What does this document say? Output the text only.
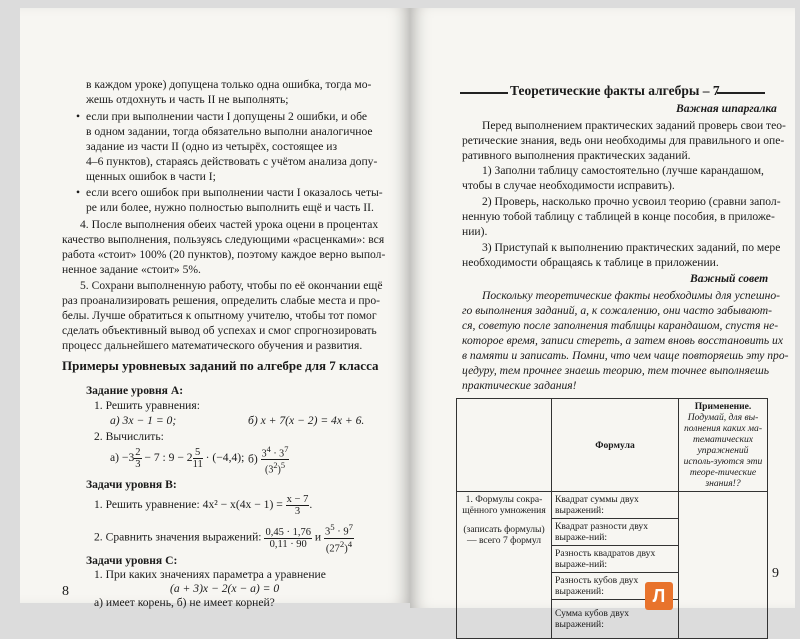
в каждом уроке) допущена только одна ошибка, тогда мо-
жешь отдохнуть и часть II не выполнять;
• если при выполнении части I допущены 2 ошибки, и обе
в одном задании, тогда обязательно выполни аналогичное
задание из части II (одно из четырёх, состоящее из
4–6 пунктов), стараясь действовать с учётом анализа допу-
щенных ошибок в части I;
• если всего ошибок при выполнении части I оказалось четы-
ре или более, нужно полностью выполнить ещё и часть II.
4. После выполнения обеих частей урока оцени в процентах
качество выполнения, пользуясь следующими «расценками»: вся
работа «стоит» 100% (20 пунктов), поэтому каждое верно выпол-
ненное задание «стоит» 5%.
5. Сохрани выполненную работу, чтобы по её окончании ещё
раз проанализировать решения, определить слабые места и про-
белы. Лучше обратиться к опытному учителю, чтобы тот помог
сделать объективный вывод об успехах и смог спрогнозировать
процесс дальнейшего математического обучения и развития.
Примеры уровневых заданий по алгебре для 7 класса
Задание уровня А:
1. Решить уравнения:
а) 3x − 1 = 0;	б) x + 7(x − 2) = 4x + 6.
2. Вычислить:
$а) -3 \frac{2}{3} - 7$ : $9 - 2 \frac{5}{11} \cdot (-4,4)$; $б) \frac{3^4 \cdot 3^7}{(3^2)^5}$
Задачи уровня В:
1. Решить уравнение: $4x^2 - x(4x - 1) = \frac{x - 7}{3}$ .
2. Сравнить значения выражений: $\frac{0,45 \cdot 1,76}{0,11 \cdot 90}$ и $\frac{3^5 \cdot 9^7}{(27^2)^4}$
Задачи уровня С:
1. При каких значениях параметра a уравнение
(a + 3)x − 2(x − a) = 0
а) имеет корень, б) не имеет корней?
8
Теоретические факты алгебры – 7
Важная шпаргалка
Перед выполнением практических заданий проверь свои тео-
ретические знания, ведь они необходимы для правильного и опе-
ративного выполнения практических заданий.
1) Заполни таблицу самостоятельно (лучше карандашом,
чтобы в случае необходимости исправить).
2) Проверь, насколько прочно усвоил теорию (сравни запол-
ненную тобой таблицу с таблицей в конце пособия, в приложе-
нии).
3) Приступай к выполнению практических заданий, по мере
необходимости обращаясь к таблице в приложении.
Важный совет
Поскольку теоретические факты необходимы для успешно-
го выполнения заданий, а, к сожалению, они часто забывают-
ся, советую после заполнения таблицы карандашом, спустя не-
которое время, записи стереть, а затем вновь восстановить их
в памяти и записать. Помни, что чем чаще повторяешь эту про-
цедуру, тем прочнее знаешь теорию, тем точнее выполняешь
практические задания!
	Формула	Применение.
Подумай, для вы-полнения каких ма-тематических упражнений исполь-зуются эти теоре-тические знания!?

1. Формулы сокра-щённого умножения
(записать формулы) — всего 7 формул	Квадрат суммы двух выражений:	
	Квадрат разности двух выраже-ний:	
	Разность квадратов двух выраже-ний:	
	Разность кубов двух выражений:	
	Сумма кубов двух выражений:	
9
Л
